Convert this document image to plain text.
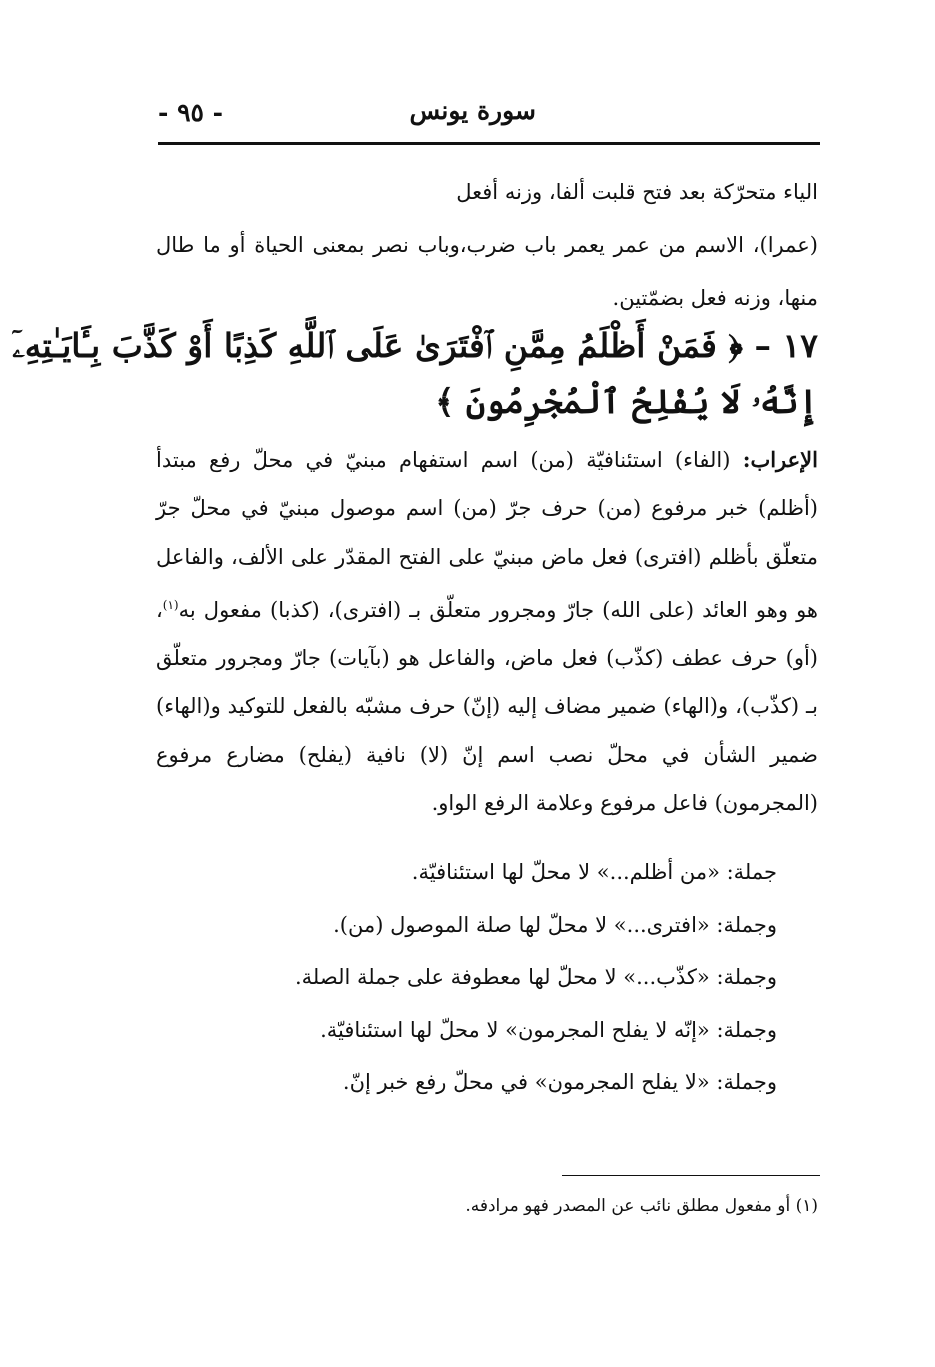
سورة يونس
- ٩٥ -

الياء متحرّكة بعد فتح قلبت ألفا، وزنه أفعل

(عمرا)، الاسم من عمر يعمر باب ضرب،وباب نصر بمعنى الحياة أو ما طال منها، وزنه فعل بضمّتين.

١٧ – ﴿ فَمَنْ أَظْلَمُ مِمَّنِ ٱفْتَرَىٰ عَلَى ٱللَّهِ كَذِبًا أَوْ كَذَّبَ بِـَٔايَـٰتِهِۦٓ
إِنَّهُۥ لَا يُفْلِحُ ٱلْمُجْرِمُونَ ﴾
الإعراب: (الفاء) استئنافيّة (من) اسم استفهام مبنيّ في محلّ رفع مبتدأ (أظلم) خبر مرفوع (من) حرف جرّ (من) اسم موصول مبنيّ في محلّ جرّ متعلّق بأظلم (افترى) فعل ماض مبنيّ على الفتح المقدّر على الألف، والفاعل هو وهو العائد (على الله) جارّ ومجرور متعلّق بـ (افترى)، (كذبا) مفعول به$^{(١)}$، (أو) حرف عطف (كذّب) فعل ماض، والفاعل هو (بآيات) جارّ ومجرور متعلّق بـ (كذّب)، و(الهاء) ضمير مضاف إليه (إنّ) حرف مشبّه بالفعل للتوكيد و(الهاء) ضمير الشأن في محلّ نصب اسم إنّ (لا) نافية (يفلح) مضارع مرفوع (المجرمون) فاعل مرفوع وعلامة الرفع الواو.
جملة: «من أظلم...» لا محلّ لها استئنافيّة.
وجملة: «افترى...» لا محلّ لها صلة الموصول (من).
وجملة: «كذّب...» لا محلّ لها معطوفة على جملة الصلة.
وجملة: «إنّه لا يفلح المجرمون» لا محلّ لها استئنافيّة.
وجملة: «لا يفلح المجرمون» في محلّ رفع خبر إنّ.
(١) أو مفعول مطلق نائب عن المصدر فهو مرادفه.
